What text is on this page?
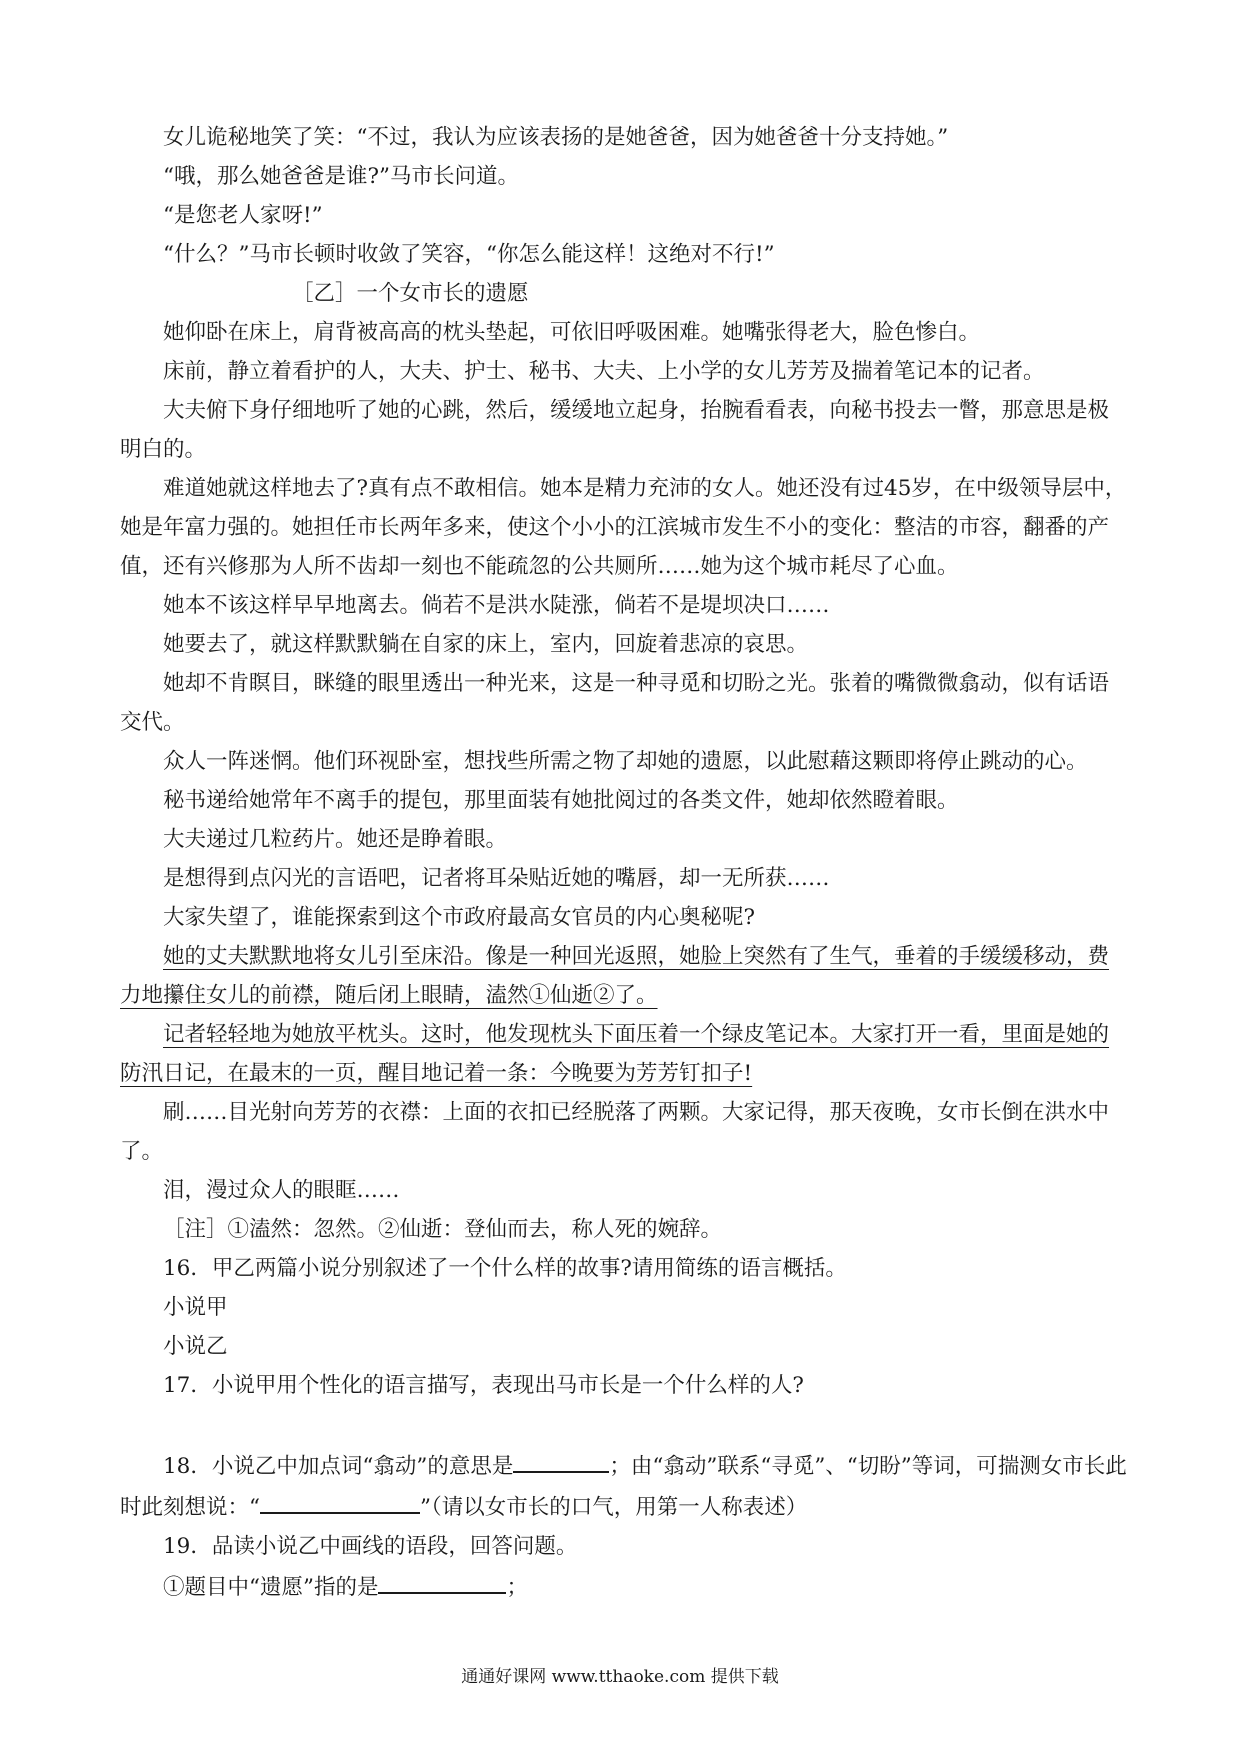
女儿诡秘地笑了笑：“不过，我认为应该表扬的是她爸爸，因为她爸爸十分支持她。”

“哦，那么她爸爸是谁?”马市长问道。

“是您老人家呀!”

“什么？”马市长顿时收敛了笑容，“你怎么能这样！这绝对不行!”

［乙］一个女市长的遗愿

她仰卧在床上，肩背被高高的枕头垫起，可依旧呼吸困难。她嘴张得老大，脸色惨白。

床前，静立着看护的人，大夫、护士、秘书、大夫、上小学的女儿芳芳及揣着笔记本的记者。

大夫俯下身仔细地听了她的心跳，然后，缓缓地立起身，抬腕看看表，向秘书投去一瞥，那意思是极明白的。

难道她就这样地去了?真有点不敢相信。她本是精力充沛的女人。她还没有过45岁，在中级领导层中，她是年富力强的。她担任市长两年多来，使这个小小的江滨城市发生不小的变化：整洁的市容，翻番的产值，还有兴修那为人所不齿却一刻也不能疏忽的公共厕所……她为这个城市耗尽了心血。

她本不该这样早早地离去。倘若不是洪水陡涨，倘若不是堤坝决口……

她要去了，就这样默默躺在自家的床上，室内，回旋着悲凉的哀思。

她却不肯瞑目，眯缝的眼里透出一种光来，这是一种寻觅和切盼之光。张着的嘴微微翕动，似有话语交代。

众人一阵迷惘。他们环视卧室，想找些所需之物了却她的遗愿，以此慰藉这颗即将停止跳动的心。

秘书递给她常年不离手的提包，那里面装有她批阅过的各类文件，她却依然瞪着眼。

大夫递过几粒药片。她还是睁着眼。

是想得到点闪光的言语吧，记者将耳朵贴近她的嘴唇，却一无所获……

大家失望了，谁能探索到这个市政府最高女官员的内心奥秘呢?

她的丈夫默默地将女儿引至床沿。像是一种回光返照，她脸上突然有了生气，垂着的手缓缓移动，费力地攥住女儿的前襟，随后闭上眼睛，溘然①仙逝②了。

记者轻轻地为她放平枕头。这时，他发现枕头下面压着一个绿皮笔记本。大家打开一看，里面是她的防汛日记，在最末的一页，醒目地记着一条：今晚要为芳芳钉扣子!

刷……目光射向芳芳的衣襟：上面的衣扣已经脱落了两颗。大家记得，那天夜晚，女市长倒在洪水中了。

泪，漫过众人的眼眶……

［注］①溘然：忽然。②仙逝：登仙而去，称人死的婉辞。

16．甲乙两篇小说分别叙述了一个什么样的故事?请用简练的语言概括。

小说甲

小说乙

17．小说甲用个性化的语言描写，表现出马市长是一个什么样的人?

18．小说乙中加点词“翕动”的意思是	；由“翕动”联系“寻觅”、“切盼”等词，可揣测女市长此时此刻想说：“	”（请以女市长的口气，用第一人称表述）

19．品读小说乙中画线的语段，回答问题。

①题目中“遗愿”指的是	；

通通好课网 www.tthaoke.com 提供下载
